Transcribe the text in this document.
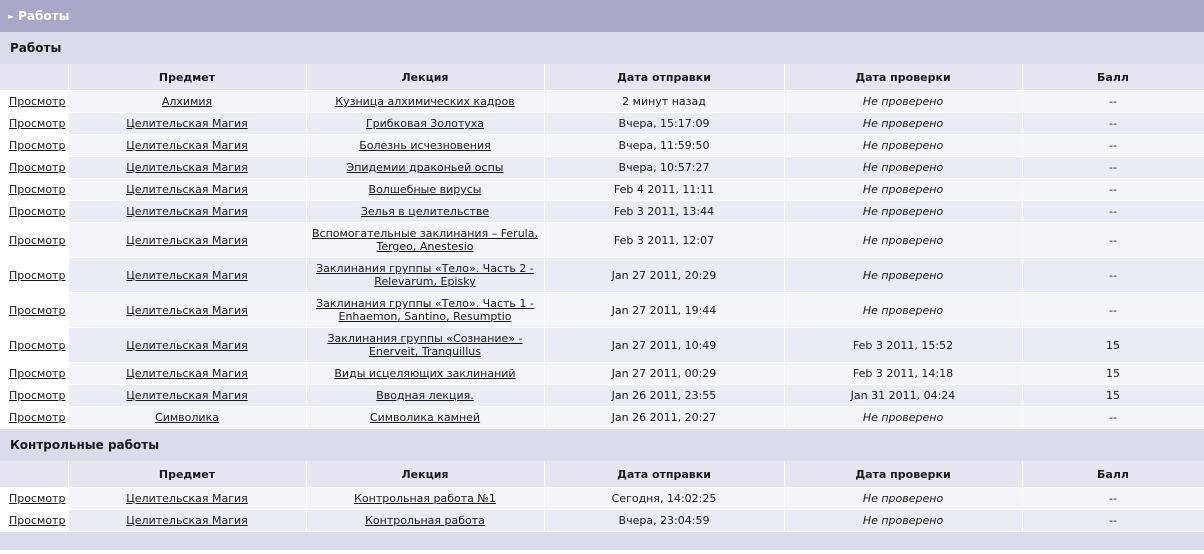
► Работы
Работы
	Предмет	Лекция	Дата отправки	Дата проверки	Балл
Просмотр	Алхимия	Кузница алхимических кадров	2 минут назад	Не проверено	--
Просмотр	Целительская Магия	Грибковая Золотуха	Вчера, 15:17:09	Не проверено	--
Просмотр	Целительская Магия	Болезнь исчезновения	Вчера, 11:59:50	Не проверено	--
Просмотр	Целительская Магия	Эпидемии драконьей оспы	Вчера, 10:57:27	Не проверено	--
Просмотр	Целительская Магия	Волшебные вирусы	Feb 4 2011, 11:11	Не проверено	--
Просмотр	Целительская Магия	Зелья в целительстве	Feb 3 2011, 13:44	Не проверено	--
Просмотр	Целительская Магия	Вспомогательные заклинания – Ferula, Tergeo, Anestesio	Feb 3 2011, 12:07	Не проверено	--
Просмотр	Целительская Магия	Заклинания группы «Тело». Часть 2 - Relevarum, Episky	Jan 27 2011, 20:29	Не проверено	--
Просмотр	Целительская Магия	Заклинания группы «Тело». Часть 1 - Enhaemon, Santino, Resumptio	Jan 27 2011, 19:44	Не проверено	--
Просмотр	Целительская Магия	Заклинания группы «Сознание» - Enerveit, Tranquillus	Jan 27 2011, 10:49	Feb 3 2011, 15:52	15
Просмотр	Целительская Магия	Виды исцеляющих заклинаний	Jan 27 2011, 00:29	Feb 3 2011, 14:18	15
Просмотр	Целительская Магия	Вводная лекция.	Jan 26 2011, 23:55	Jan 31 2011, 04:24	15
Просмотр	Символика	Символика камней	Jan 26 2011, 20:27	Не проверено	--
Контрольные работы
	Предмет	Лекция	Дата отправки	Дата проверки	Балл
Просмотр	Целительская Магия	Контрольная работа №1	Сегодня, 14:02:25	Не проверено	--
Просмотр	Целительская Магия	Контрольная работа	Вчера, 23:04:59	Не проверено	--
